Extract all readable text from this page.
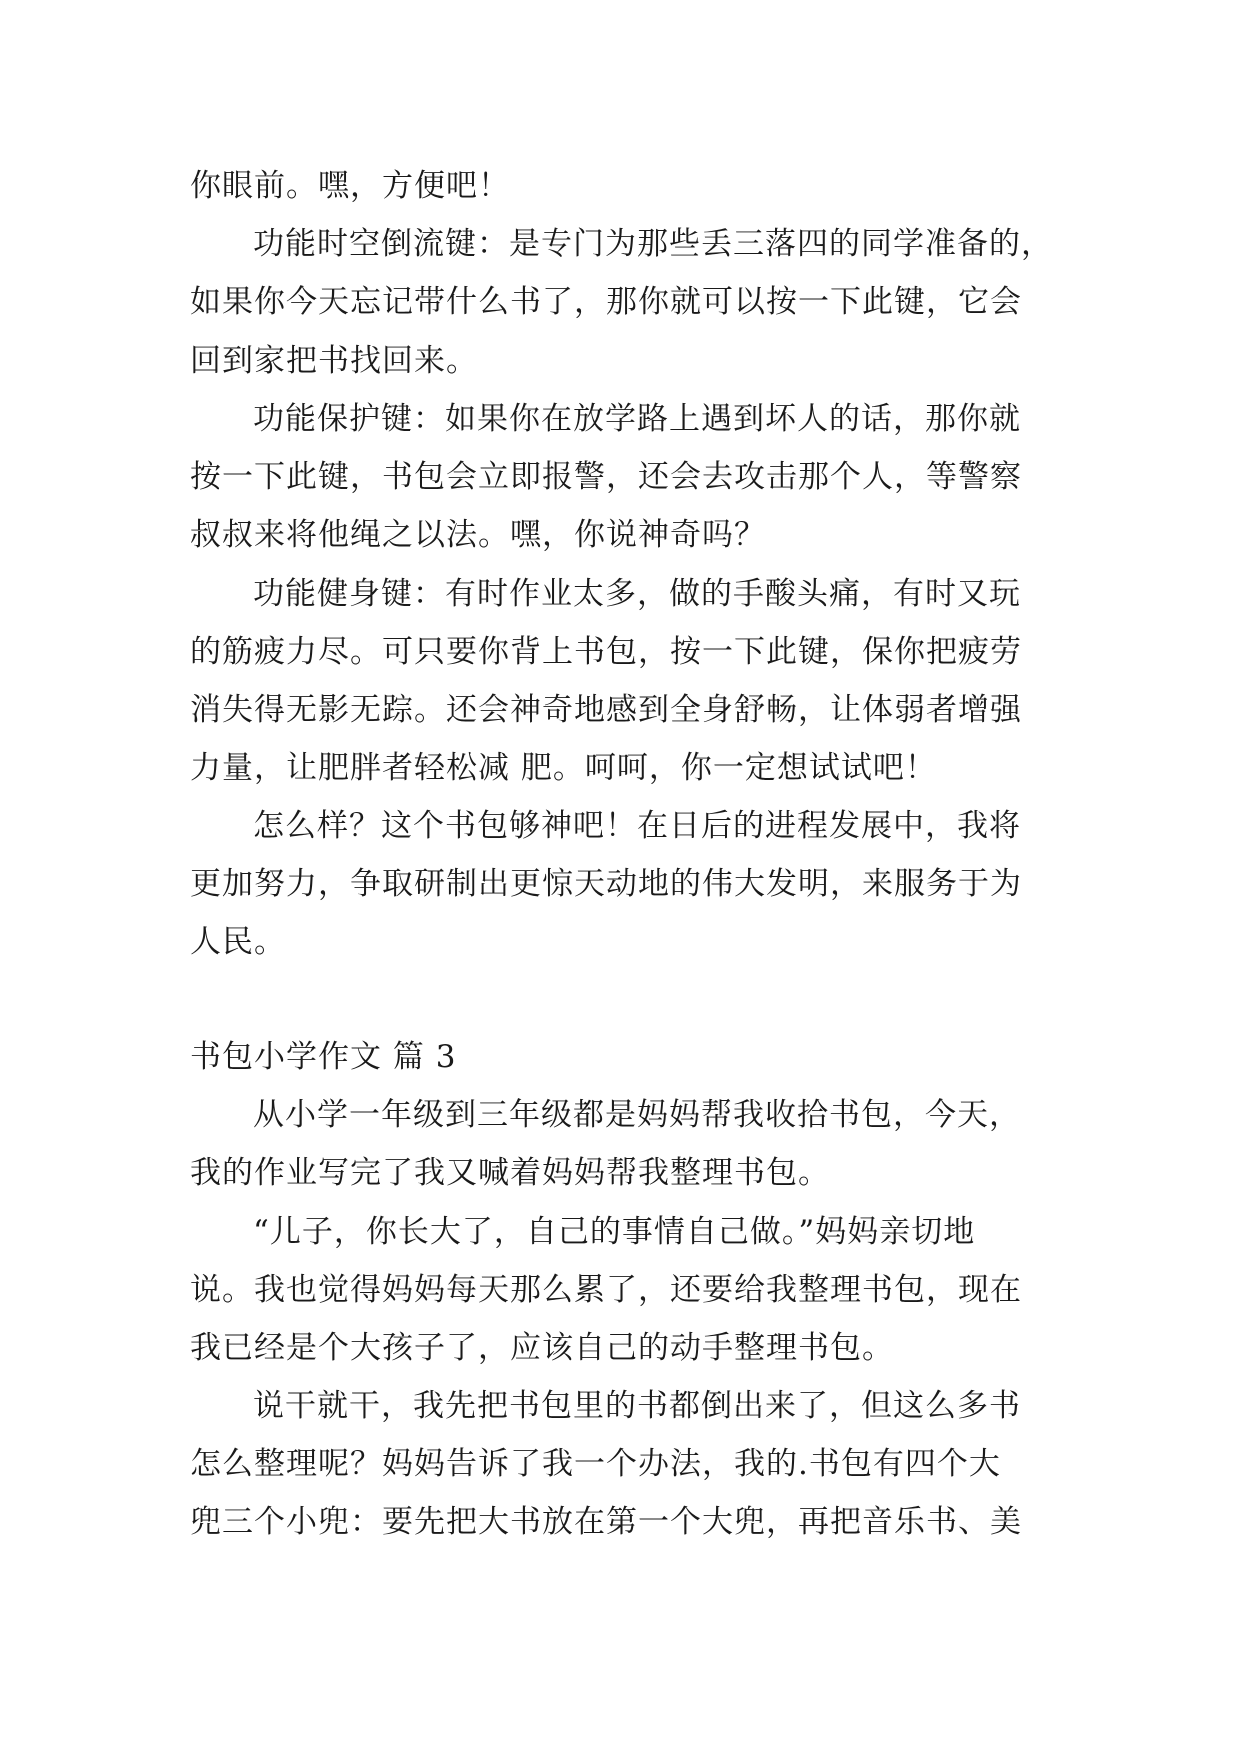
你眼前。嘿，方便吧！
功能时空倒流键：是专门为那些丢三落四的同学准备的，
如果你今天忘记带什么书了，那你就可以按一下此键，它会
回到家把书找回来。
功能保护键：如果你在放学路上遇到坏人的话，那你就
按一下此键，书包会立即报警，还会去攻击那个人，等警察
叔叔来将他绳之以法。嘿，你说神奇吗？
功能健身键：有时作业太多，做的手酸头痛，有时又玩
的筋疲力尽。可只要你背上书包，按一下此键，保你把疲劳
消失得无影无踪。还会神奇地感到全身舒畅，让体弱者增强
力量，让肥胖者轻松减 肥。呵呵，你一定想试试吧！
怎么样？这个书包够神吧！在日后的进程发展中，我将
更加努力，争取研制出更惊天动地的伟大发明，来服务于为
人民。
书包小学作文 篇 3
从小学一年级到三年级都是妈妈帮我收拾书包，今天，
我的作业写完了我又喊着妈妈帮我整理书包。
“儿子，你长大了，自己的事情自己做。”妈妈亲切地
说。我也觉得妈妈每天那么累了，还要给我整理书包，现在
我已经是个大孩子了，应该自己的动手整理书包。
说干就干，我先把书包里的书都倒出来了，但这么多书
怎么整理呢？妈妈告诉了我一个办法，我的.书包有四个大
兜三个小兜：要先把大书放在第一个大兜，再把音乐书、美
